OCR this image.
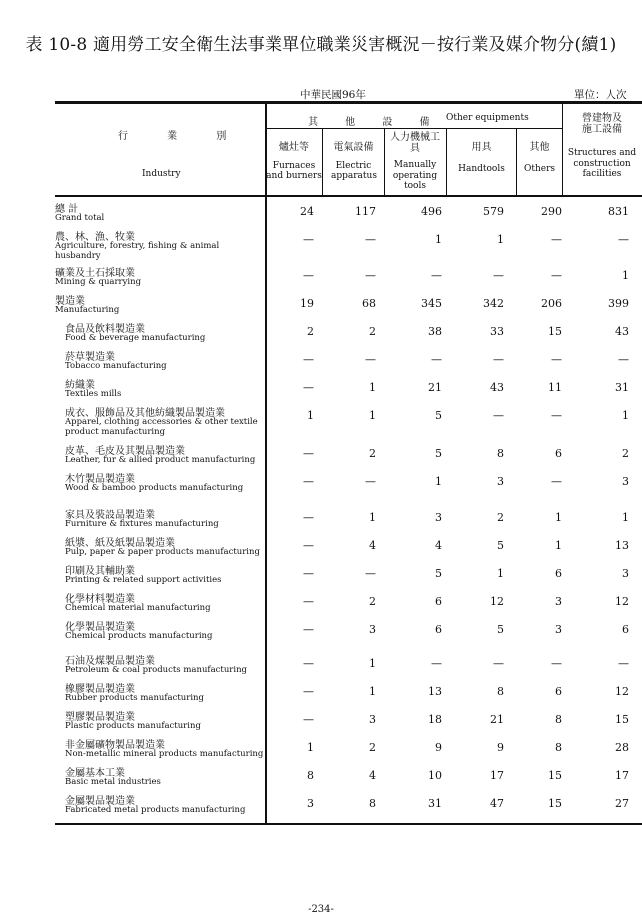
表 10-8 適用勞工安全衛生法事業單位職業災害概況－按行業及媒介物分(續1)
中華民國96年	單位：人次
行 業 別
Industry
其 他 設 備 Other equipments
爐灶等
Furnaces and burners
電氣設備
Electric apparatus
人力機械工具
Manually operating tools
用具
Handtools
其他
Others
營建物及施工設備
Structures and construction facilities
總 計
Grand total	24	117	496	579	290	831
農、林、漁、牧業
Agriculture, forestry, fishing & animal husbandry
—	—	1	1	—	—
礦業及土石採取業
Mining & quarrying	—	—	—	—	—	1
製造業
Manufacturing	19	68	345	342	206	399
食品及飲料製造業
Food & beverage manufacturing	2	2	38	33	15	43
菸草製造業
Tobacco manufacturing	—	—	—	—	—	—
紡織業
Textiles mills	—	1	21	43	11	31
成衣、服飾品及其他紡織製品製造業
Apparel, clothing accessories & other textile product manufacturing
1	1	5	—	—	1
皮革、毛皮及其製品製造業
Leather, fur & allied product manufacturing	—	2	5	8	6	2
木竹製品製造業
Wood & bamboo products manufacturing	—	—	1	3	—	3
家具及裝設品製造業
Furniture & fixtures manufacturing	—	1	3	2	1	1
紙漿、紙及紙製品製造業
Pulp, paper & paper products manufacturing	—	4	4	5	1	13
印刷及其輔助業
Printing & related support activities	—	—	5	1	6	3
化學材料製造業
Chemical material manufacturing	—	2	6	12	3	12
化學製品製造業
Chemical products manufacturing	—	3	6	5	3	6
石油及煤製品製造業
Petroleum & coal products manufacturing	—	1	—	—	—	—
橡膠製品製造業
Rubber products manufacturing	—	1	13	8	6	12
塑膠製品製造業
Plastic products manufacturing	—	3	18	21	8	15
非金屬礦物製品製造業
Non-metallic mineral products manufacturing	1	2	9	9	8	28
金屬基本工業
Basic metal industries	8	4	10	17	15	17
金屬製品製造業
Fabricated metal products manufacturing	3	8	31	47	15	27
-234-
